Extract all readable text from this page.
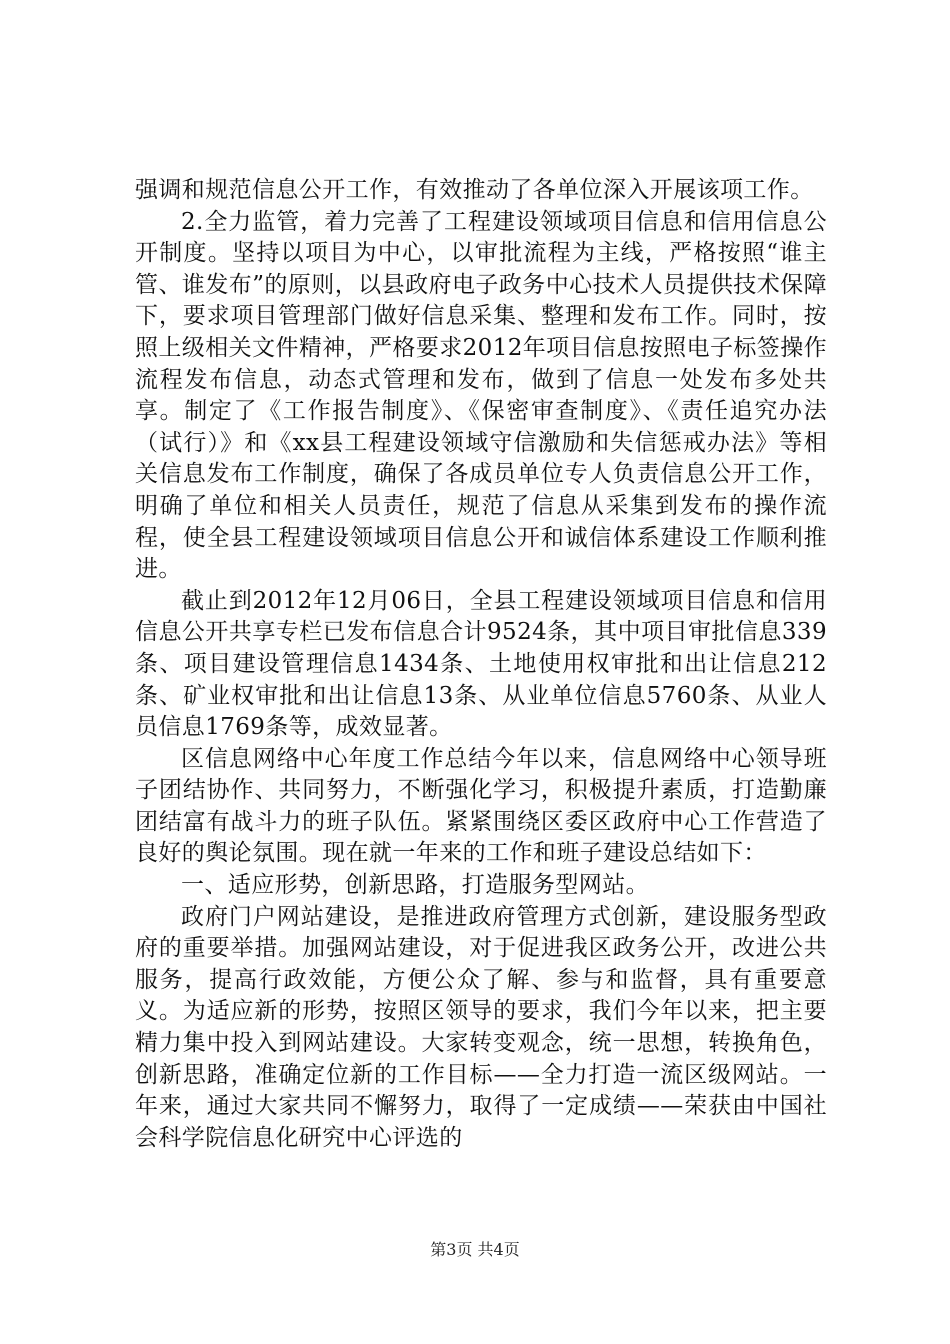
强调和规范信息公开工作，有效推动了各单位深入开展该项工作。

2.全力监管，着力完善了工程建设领域项目信息和信用信息公开制度。坚持以项目为中心，以审批流程为主线，严格按照“谁主管、谁发布”的原则，以县政府电子政务中心技术人员提供技术保障下，要求项目管理部门做好信息采集、整理和发布工作。同时，按照上级相关文件精神，严格要求2012年项目信息按照电子标签操作流程发布信息，动态式管理和发布，做到了信息一处发布多处共享。制定了《工作报告制度》、《保密审查制度》、《责任追究办法（试行）》和《xx县工程建设领域守信激励和失信惩戒办法》等相关信息发布工作制度，确保了各成员单位专人负责信息公开工作，明确了单位和相关人员责任，规范了信息从采集到发布的操作流程，使全县工程建设领域项目信息公开和诚信体系建设工作顺利推进。

截止到2012年12月06日，全县工程建设领域项目信息和信用信息公开共享专栏已发布信息合计9524条，其中项目审批信息339条、项目建设管理信息1434条、土地使用权审批和出让信息212条、矿业权审批和出让信息13条、从业单位信息5760条、从业人员信息1769条等，成效显著。

区信息网络中心年度工作总结今年以来，信息网络中心领导班子团结协作、共同努力，不断强化学习，积极提升素质，打造勤廉团结富有战斗力的班子队伍。紧紧围绕区委区政府中心工作营造了良好的舆论氛围。现在就一年来的工作和班子建设总结如下：

一、适应形势，创新思路，打造服务型网站。

政府门户网站建设，是推进政府管理方式创新，建设服务型政府的重要举措。加强网站建设，对于促进我区政务公开，改进公共服务，提高行政效能，方便公众了解、参与和监督，具有重要意义。为适应新的形势，按照区领导的要求，我们今年以来，把主要精力集中投入到网站建设。大家转变观念，统一思想，转换角色，创新思路，准确定位新的工作目标——全力打造一流区级网站。一年来，通过大家共同不懈努力，取得了一定成绩——荣获由中国社会科学院信息化研究中心评选的

第3页 共4页
